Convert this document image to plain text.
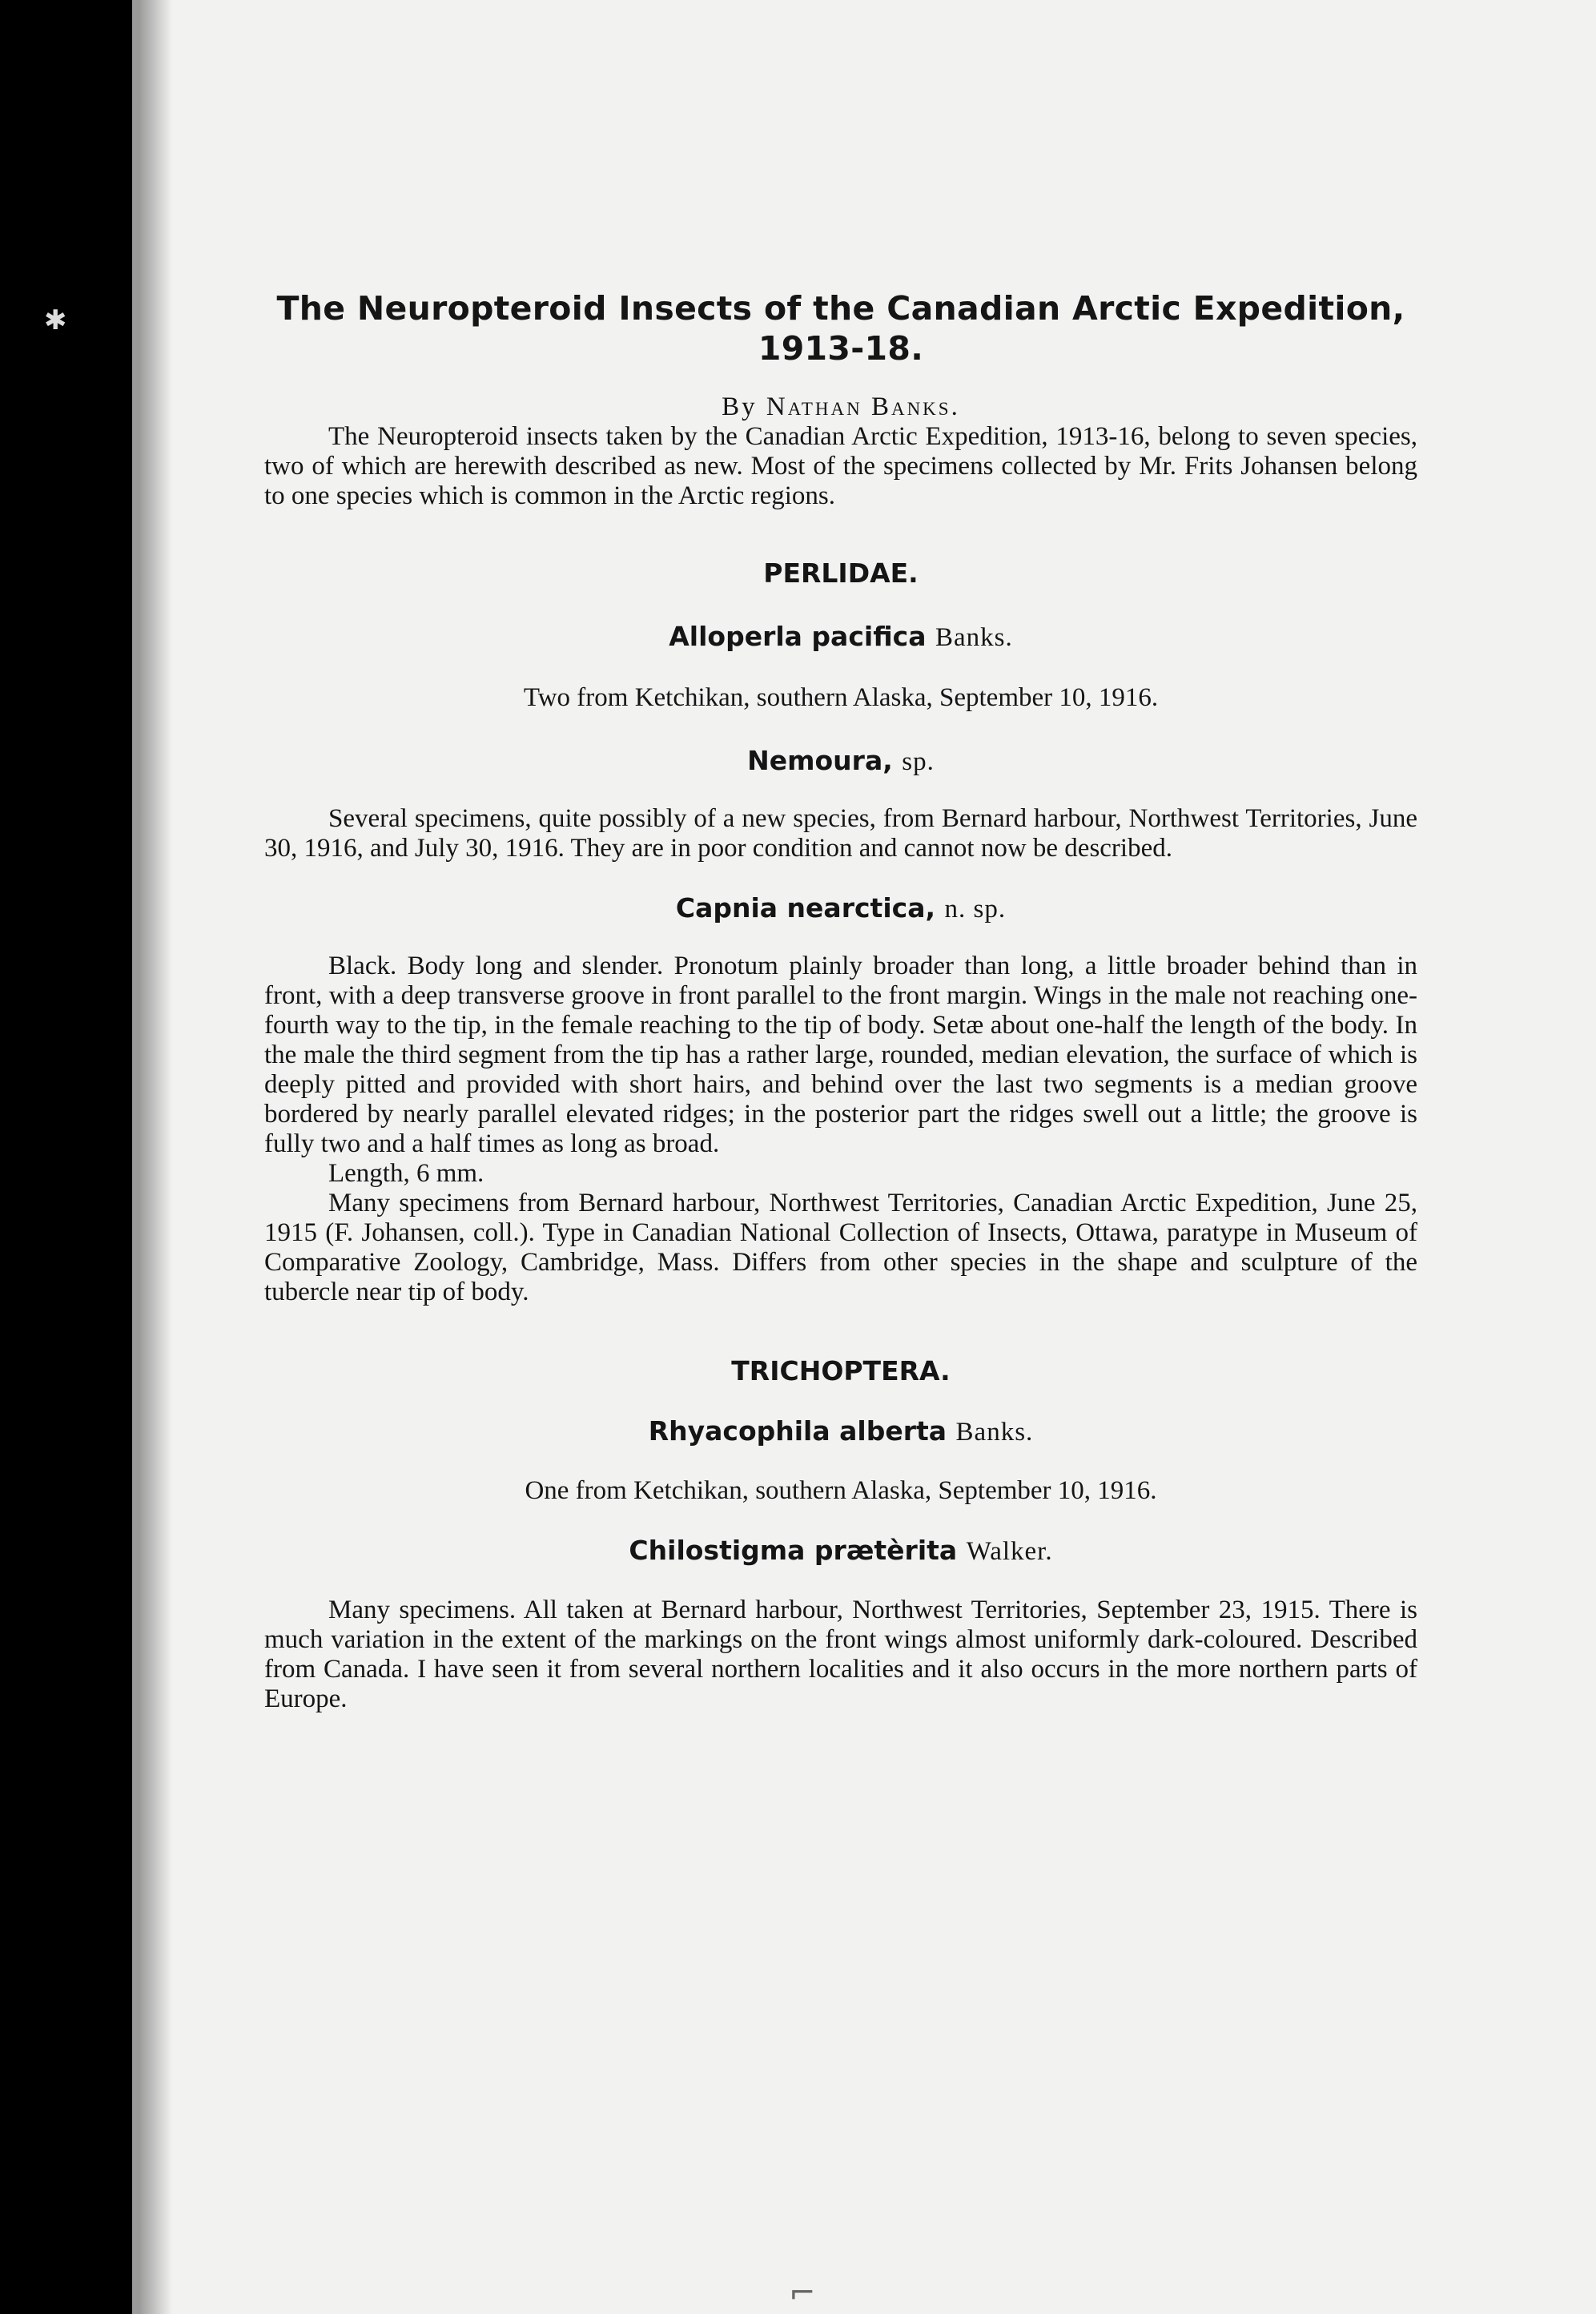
✱	The Neuropteroid Insects of the Canadian Arctic Expedition,
1913-18.
By Nathan Banks.

The Neuropteroid insects taken by the Canadian Arctic Expedition, 1913-16, belong to seven species, two of which are herewith described as new. Most of the specimens collected by Mr. Frits Johansen belong to one species which is common in the Arctic regions.

PERLIDAE.
Alloperla pacifica Banks.

Two from Ketchikan, southern Alaska, September 10, 1916.

Nemoura, sp.

Several specimens, quite possibly of a new species, from Bernard harbour, Northwest Territories, June 30, 1916, and July 30, 1916. They are in poor condition and cannot now be described.

Capnia nearctica, n. sp.

Black. Body long and slender. Pronotum plainly broader than long, a little broader behind than in front, with a deep transverse groove in front parallel to the front margin. Wings in the male not reaching one-fourth way to the tip, in the female reaching to the tip of body. Setæ about one-half the length of the body. In the male the third segment from the tip has a rather large, rounded, median elevation, the surface of which is deeply pitted and provided with short hairs, and behind over the last two segments is a median groove bordered by nearly parallel elevated ridges; in the posterior part the ridges swell out a little; the groove is fully two and a half times as long as broad.

Length, 6 mm.

Many specimens from Bernard harbour, Northwest Territories, Canadian Arctic Expedition, June 25, 1915 (F. Johansen, coll.). Type in Canadian National Collection of Insects, Ottawa, paratype in Museum of Comparative Zoology, Cambridge, Mass. Differs from other species in the shape and sculpture of the tubercle near tip of body.

TRICHOPTERA.
Rhyacophila alberta Banks.

One from Ketchikan, southern Alaska, September 10, 1916.

Chilostigma prætèrita Walker.

Many specimens. All taken at Bernard harbour, Northwest Territories, September 23, 1915. There is much variation in the extent of the markings on the front wings almost uniformly dark-coloured. Described from Canada. I have seen it from several northern localities and it also occurs in the more northern parts of Europe.

⌐
